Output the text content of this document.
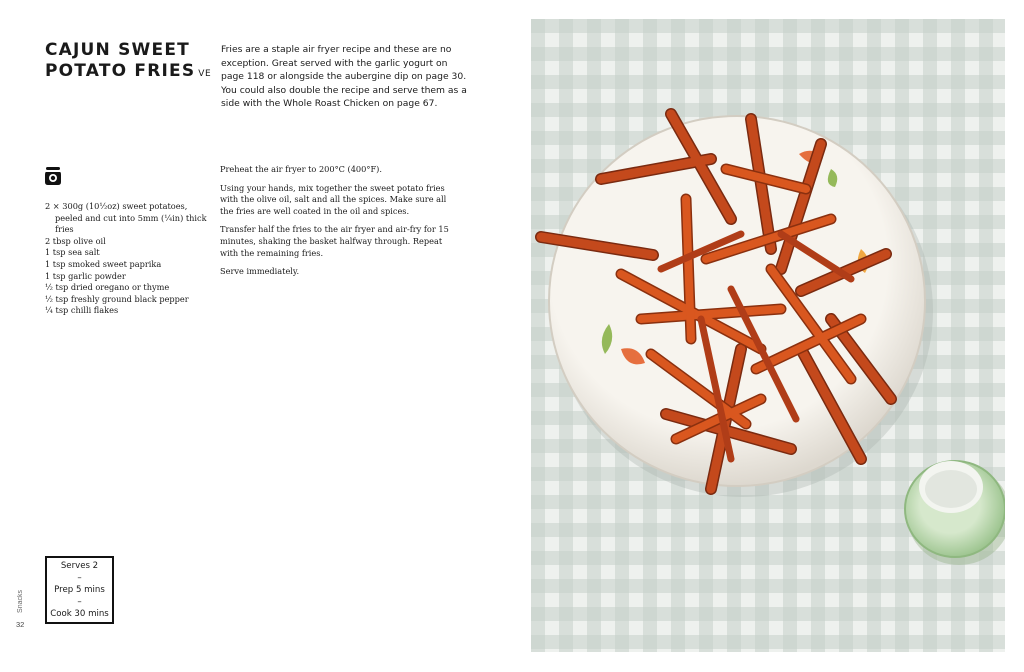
CAJUN SWEET
POTATO FRIES VE

Fries are a staple air fryer recipe and these are no exception. Great served with the garlic yogurt on page 118 or alongside the aubergine dip on page 30. You could also double the recipe and serve them as a side with the Whole Roast Chicken on page 67.

2 × 300g (10½oz) sweet potatoes, peeled and cut into 5mm (¼in) thick fries
2 tbsp olive oil
1 tsp sea salt
1 tsp smoked sweet paprika
1 tsp garlic powder
½ tsp dried oregano or thyme
½ tsp freshly ground black pepper
¼ tsp chilli flakes

Preheat the air fryer to 200°C (400°F).

Using your hands, mix together the sweet potato fries with the olive oil, salt and all the spices. Make sure all the fries are well coated in the oil and spices.

Transfer half the fries to the air fryer and air-fry for 15 minutes, shaking the basket halfway through. Repeat with the remaining fries.

Serve immediately.

Serves 2
–
Prep 5 mins
–
Cook 30 mins
Snacks
32
